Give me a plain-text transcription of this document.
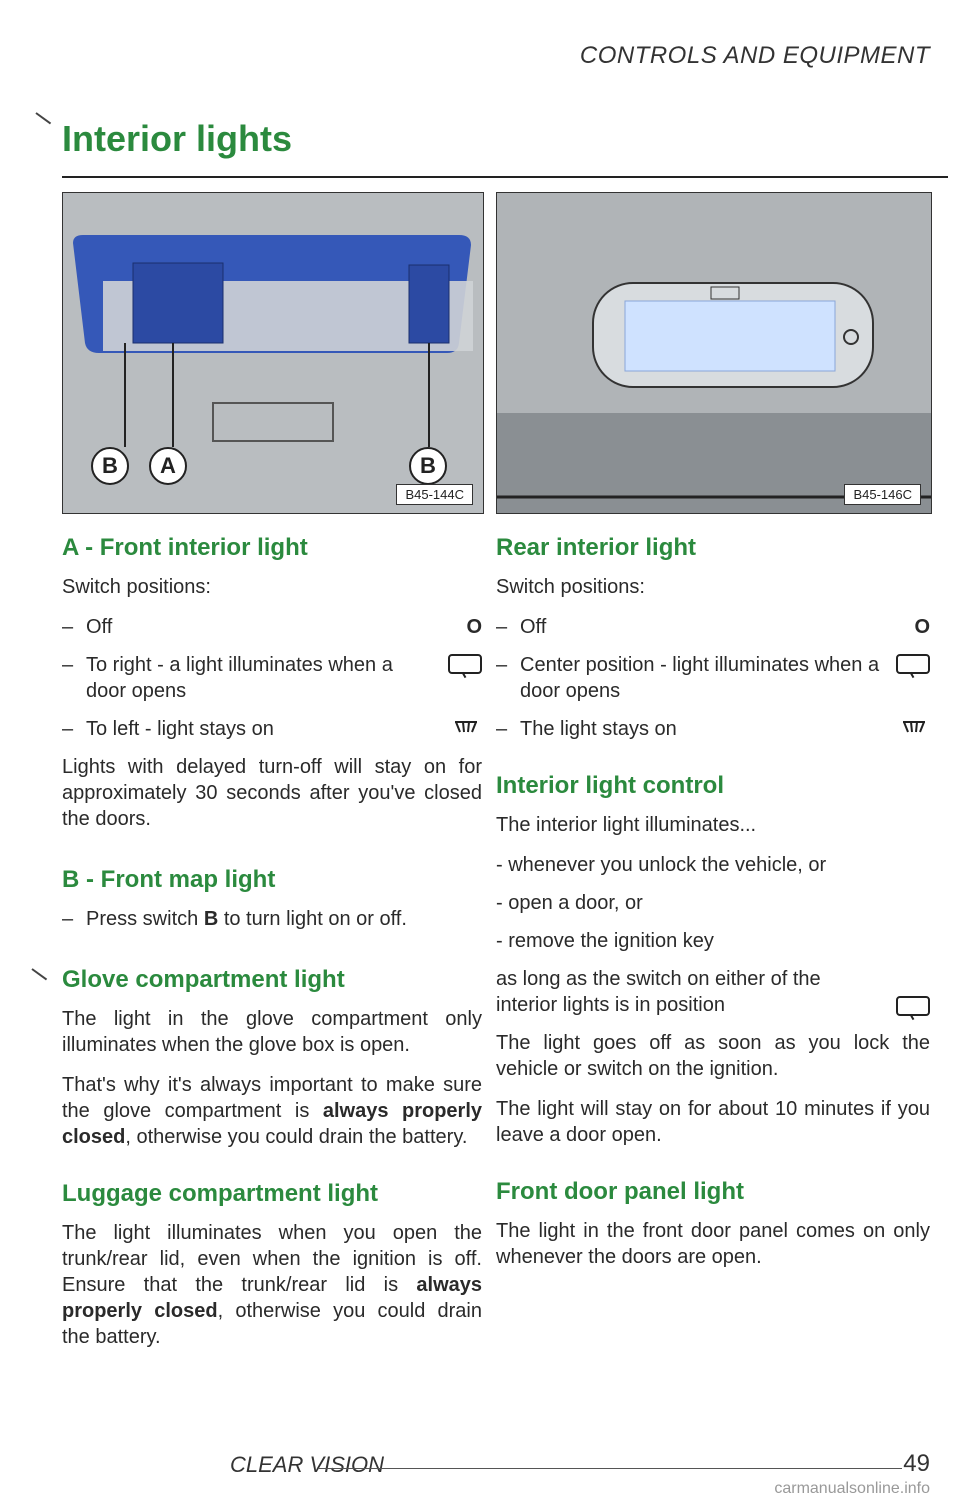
CONTROLS AND EQUIPMENT
Interior lights
B	A	B
B45-144C	B45-146C
A - Front interior light

Switch positions:

– Off	O
– To right - a light illuminates when a door opens
– To left - light stays on

Lights with delayed turn-off will stay on for approximately 30 seconds after you've closed the doors.

B - Front map light
– Press switch B to turn light on or off.
Glove compartment light

The light in the glove compartment only illuminates when the glove box is open.

That's why it's always important to make sure the glove compartment is always properly closed, otherwise you could drain the battery.

Luggage compartment light

The light illuminates when you open the trunk/rear lid, even when the ignition is off. Ensure that the trunk/rear lid is always properly closed, otherwise you could drain the battery.

Rear interior light

Switch positions:

– Off	O
– Center position - light illuminates when a door opens
– The light stays on
Interior light control

The interior light illuminates...

- whenever you unlock the vehicle, or
- open a door, or
- remove the ignition key
as long as the switch on either of the interior lights is in position

The light goes off as soon as you lock the vehicle or switch on the ignition.

The light will stay on for about 10 minutes if you leave a door open.

Front door panel light

The light in the front door panel comes on only whenever the doors are open.

CLEAR VISION	49
carmanualsonline.info
